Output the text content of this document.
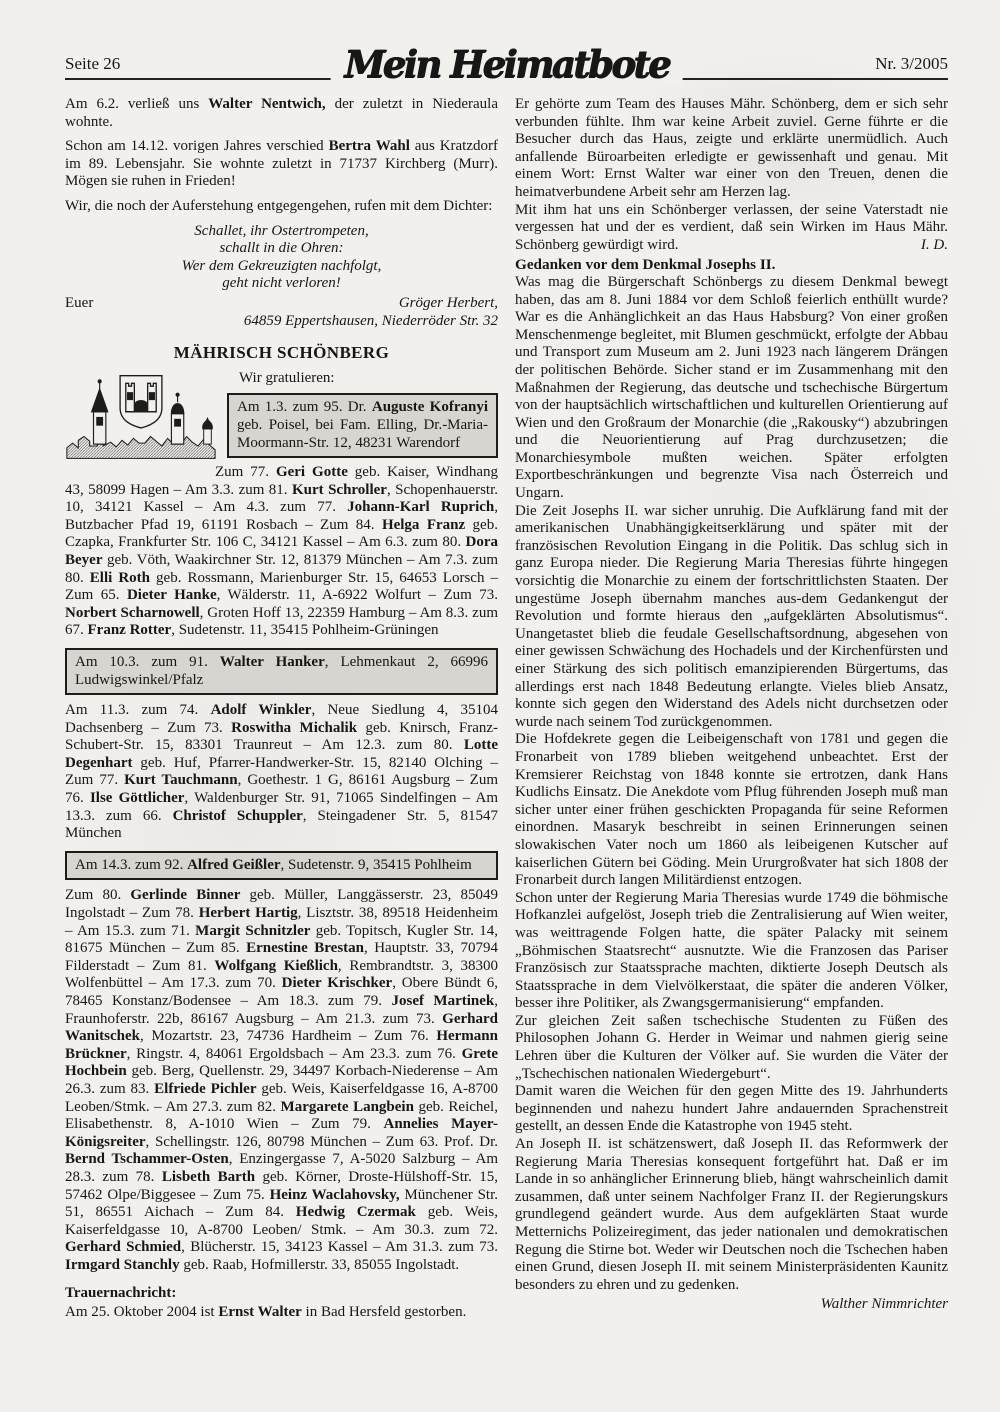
Seite 26	Mein Heimatbote	Nr. 3/2005

Am 6.2. verließ uns Walter Nentwich, der zuletzt in Niederaula wohnte.

Schon am 14.12. vorigen Jahres verschied Bertra Wahl aus Kratzdorf im 89. Lebensjahr. Sie wohnte zuletzt in 71737 Kirchberg (Murr). Mögen sie ruhen in Frieden!

Wir, die noch der Auferstehung entgegengehen, rufen mit dem Dichter:

Schallet, ihr Ostertrompeten,
schallt in die Ohren:
Wer dem Gekreuzigten nachfolgt,
geht nicht verloren!
Euer	Gröger Herbert,
64859 Eppertshausen, Niederröder Str. 32
MÄHRISCH SCHÖNBERG

Wir gratulieren:

Am 1.3. zum 95. Dr. Auguste Kofranyi geb. Poisel, bei Fam. Elling, Dr.-Maria-Moormann-Str. 12, 48231 Warendorf

Zum 77. Geri Gotte geb. Kaiser, Windhang 43, 58099 Hagen – Am 3.3. zum 81. Kurt Schroller, Schopenhauerstr. 10, 34121 Kassel – Am 4.3. zum 77. Johann-Karl Ruprich, Butzbacher Pfad 19, 61191 Rosbach – Zum 84. Helga Franz geb. Czapka, Frankfurter Str. 106 C, 34121 Kassel – Am 6.3. zum 80. Dora Beyer geb. Vöth, Waakirchner Str. 12, 81379 München – Am 7.3. zum 80. Elli Roth geb. Rossmann, Marienburger Str. 15, 64653 Lorsch – Zum 65. Dieter Hanke, Wälderstr. 11, A-6922 Wolfurt – Zum 73. Norbert Scharnowell, Groten Hoff 13, 22359 Hamburg – Am 8.3. zum 67. Franz Rotter, Sudetenstr. 11, 35415 Pohlheim-Grüningen

Am 10.3. zum 91. Walter Hanker, Lehmenkaut 2, 66996 Ludwigswinkel/Pfalz

Am 11.3. zum 74. Adolf Winkler, Neue Siedlung 4, 35104 Dachsenberg – Zum 73. Roswitha Michalik geb. Knirsch, Franz-Schubert-Str. 15, 83301 Traunreut – Am 12.3. zum 80. Lotte Degenhart geb. Huf, Pfarrer-Handwerker-Str. 15, 82140 Olching – Zum 77. Kurt Tauchmann, Goethestr. 1 G, 86161 Augsburg – Zum 76. Ilse Göttlicher, Waldenburger Str. 91, 71065 Sindelfingen – Am 13.3. zum 66. Christof Schuppler, Steingadener Str. 5, 81547 München

Am 14.3. zum 92. Alfred Geißler, Sudetenstr. 9, 35415 Pohlheim

Zum 80. Gerlinde Binner geb. Müller, Langgässerstr. 23, 85049 Ingolstadt – Zum 78. Herbert Hartig, Lisztstr. 38, 89518 Heidenheim – Am 15.3. zum 71. Margit Schnitzler geb. Topitsch, Kugler Str. 14, 81675 München – Zum 85. Ernestine Brestan, Hauptstr. 33, 70794 Filderstadt – Zum 81. Wolfgang Kießlich, Rembrandtstr. 3, 38300 Wolfenbüttel – Am 17.3. zum 70. Dieter Krischker, Obere Bündt 6, 78465 Konstanz/Bodensee – Am 18.3. zum 79. Josef Martinek, Fraunhoferstr. 22b, 86167 Augsburg – Am 21.3. zum 73. Gerhard Wanitschek, Mozartstr. 23, 74736 Hardheim – Zum 76. Hermann Brückner, Ringstr. 4, 84061 Ergoldsbach – Am 23.3. zum 76. Grete Hochbein geb. Berg, Quellenstr. 29, 34497 Korbach-Niederense – Am 26.3. zum 83. Elfriede Pichler geb. Weis, Kaiserfeldgasse 16, A-8700 Leoben/Stmk. – Am 27.3. zum 82. Margarete Langbein geb. Reichel, Elisabethenstr. 8, A-1010 Wien – Zum 79. Annelies Mayer-Königsreiter, Schellingstr. 126, 80798 München – Zum 63. Prof. Dr. Bernd Tschammer-Osten, Enzingergasse 7, A-5020 Salzburg – Am 28.3. zum 78. Lisbeth Barth geb. Körner, Droste-Hülshoff-Str. 15, 57462 Olpe/Biggesee – Zum 75. Heinz Waclahovsky, Münchener Str. 51, 86551 Aichach – Zum 84. Hedwig Czermak geb. Weis, Kaiserfeldgasse 10, A-8700 Leoben/ Stmk. – Am 30.3. zum 72. Gerhard Schmied, Blücherstr. 15, 34123 Kassel – Am 31.3. zum 73. Irmgard Stanchly geb. Raab, Hofmillerstr. 33, 85055 Ingolstadt.

Trauernachricht:

Am 25. Oktober 2004 ist Ernst Walter in Bad Hersfeld gestorben.

Er gehörte zum Team des Hauses Mähr. Schönberg, dem er sich sehr verbunden fühlte. Ihm war keine Arbeit zuviel. Gerne führte er die Besucher durch das Haus, zeigte und erklärte unermüdlich. Auch anfallende Büroarbeiten erledigte er gewissenhaft und genau. Mit einem Wort: Ernst Walter war einer von den Treuen, denen die heimatverbundene Arbeit sehr am Herzen lag.

Mit ihm hat uns ein Schönberger verlassen, der seine Vaterstadt nie vergessen hat und der es verdient, daß sein Wirken im Haus Mähr. Schönberg gewürdigt wird.	I. D.

Gedanken vor dem Denkmal Josephs II.

Was mag die Bürgerschaft Schönbergs zu diesem Denkmal bewegt haben, das am 8. Juni 1884 vor dem Schloß feierlich enthüllt wurde? War es die Anhänglichkeit an das Haus Habsburg? Von einer großen Menschenmenge begleitet, mit Blumen geschmückt, erfolgte der Abbau und Transport zum Museum am 2. Juni 1923 nach längerem Drängen der politischen Behörde. Sicher stand er im Zusammenhang mit den Maßnahmen der Regierung, das deutsche und tschechische Bürgertum von der hauptsächlich wirtschaftlichen und kulturellen Orientierung auf Wien und den Großraum der Monarchie (die „Rakousky“) abzubringen und die Neuorientierung auf Prag durchzusetzen; die Monarchiesymbole mußten weichen. Später erfolgten Exportbeschränkungen und begrenzte Visa nach Österreich und Ungarn.

Die Zeit Josephs II. war sicher unruhig. Die Aufklärung fand mit der amerikanischen Unabhängigkeitserklärung und später mit der französischen Revolution Eingang in die Politik. Das schlug sich in ganz Europa nieder. Die Regierung Maria Theresias führte hingegen vorsichtig die Monarchie zu einem der fortschrittlichsten Staaten. Der ungestüme Joseph übernahm manches aus-dem Gedankengut der Revolution und formte hieraus den „aufgeklärten Absolutismus“. Unangetastet blieb die feudale Gesellschaftsordnung, abgesehen von einer gewissen Schwächung des Hochadels und der Kirchenfürsten und einer Stärkung des sich politisch emanzipierenden Bürgertums, das allerdings erst nach 1848 Bedeutung erlangte. Vieles blieb Ansatz, konnte sich gegen den Widerstand des Adels nicht durchsetzen oder wurde nach seinem Tod zurückgenommen.

Die Hofdekrete gegen die Leibeigenschaft von 1781 und gegen die Fronarbeit von 1789 blieben weitgehend unbeachtet. Erst der Kremsierer Reichstag von 1848 konnte sie ertrotzen, dank Hans Kudlichs Einsatz. Die Anekdote vom Pflug führenden Joseph muß man sicher unter einer frühen geschickten Propaganda für seine Reformen einordnen. Masaryk beschreibt in seinen Erinnerungen seinen slowakischen Vater noch um 1860 als leibeigenen Kutscher auf kaiserlichen Gütern bei Göding. Mein Ururgroßvater hat sich 1808 der Fronarbeit durch langen Militärdienst entzogen.

Schon unter der Regierung Maria Theresias wurde 1749 die böhmische Hofkanzlei aufgelöst, Joseph trieb die Zentralisierung auf Wien weiter, was weittragende Folgen hatte, die später Palacky mit seinem „Böhmischen Staatsrecht“ ausnutzte. Wie die Franzosen das Pariser Französisch zur Staatssprache machten, diktierte Joseph Deutsch als Staatssprache in dem Vielvölkerstaat, die später die anderen Völker, besser ihre Politiker, als Zwangsgermanisierung“ empfanden.

Zur gleichen Zeit saßen tschechische Studenten zu Füßen des Philosophen Johann G. Herder in Weimar und nahmen gierig seine Lehren über die Kulturen der Völker auf. Sie wurden die Väter der „Tschechischen nationalen Wiedergeburt“.

Damit waren die Weichen für den gegen Mitte des 19. Jahrhunderts beginnenden und nahezu hundert Jahre andauernden Sprachenstreit gestellt, an dessen Ende die Katastrophe von 1945 steht.

An Joseph II. ist schätzenswert, daß Joseph II. das Reformwerk der Regierung Maria Theresias konsequent fortgeführt hat. Daß er im Lande in so anhänglicher Erinnerung blieb, hängt wahrscheinlich damit zusammen, daß unter seinem Nachfolger Franz II. der Regierungskurs grundlegend geändert wurde. Aus dem aufgeklärten Staat wurde Metternichs Polizeiregiment, das jeder nationalen und demokratischen Regung die Stirne bot. Weder wir Deutschen noch die Tschechen haben einen Grund, diesen Joseph II. mit seinem Ministerpräsidenten Kaunitz besonders zu ehren und zu gedenken.

Walther Nimmrichter
